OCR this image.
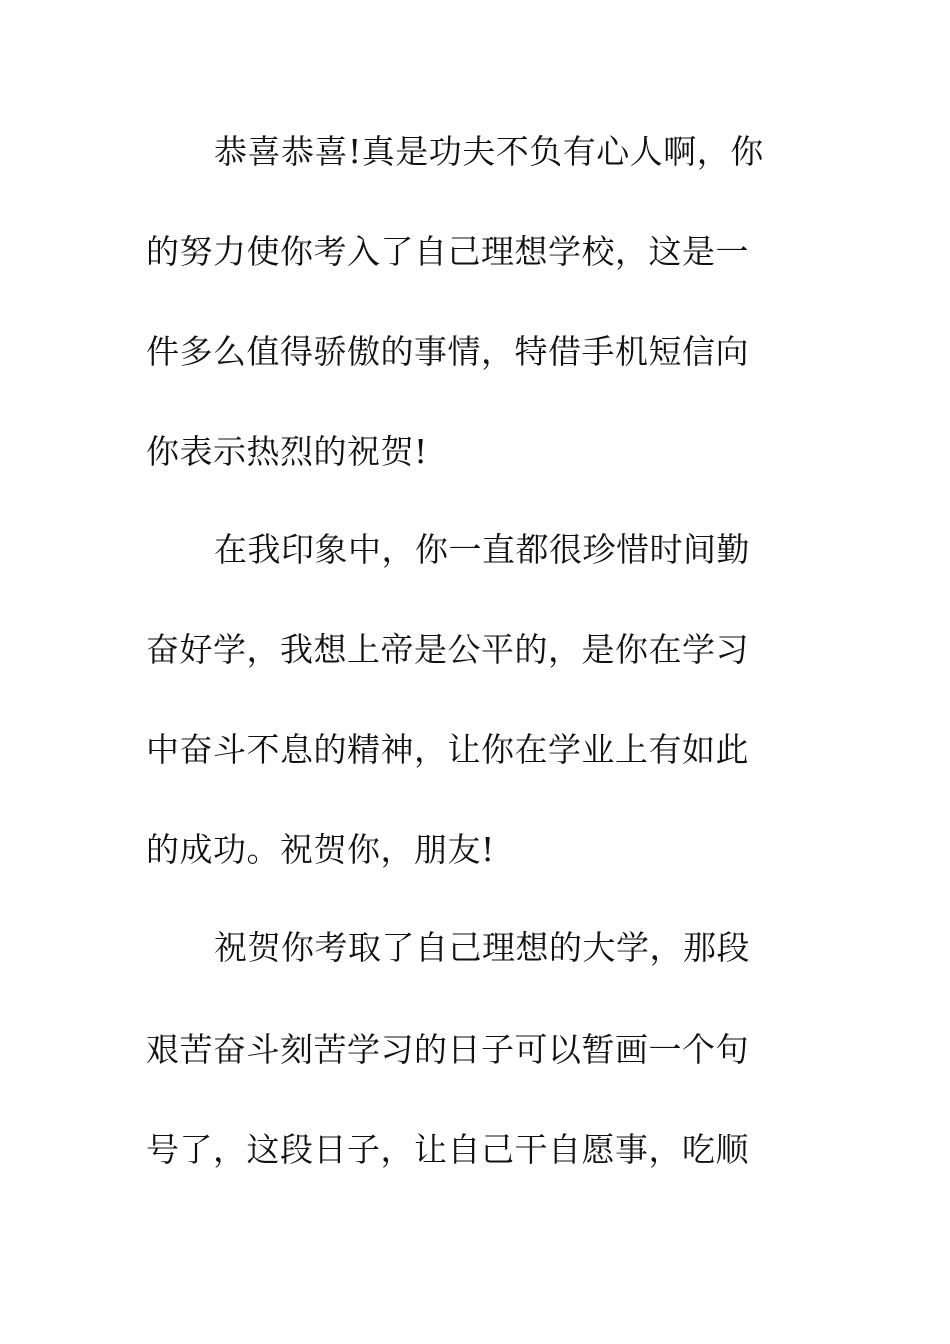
恭喜恭喜!真是功夫不负有心人啊，你

的努力使你考入了自己理想学校，这是一

件多么值得骄傲的事情，特借手机短信向

你表示热烈的祝贺!

在我印象中，你一直都很珍惜时间勤

奋好学，我想上帝是公平的，是你在学习

中奋斗不息的精神，让你在学业上有如此

的成功。祝贺你，朋友!

祝贺你考取了自己理想的大学，那段

艰苦奋斗刻苦学习的日子可以暂画一个句

号了，这段日子，让自己干自愿事，吃顺
